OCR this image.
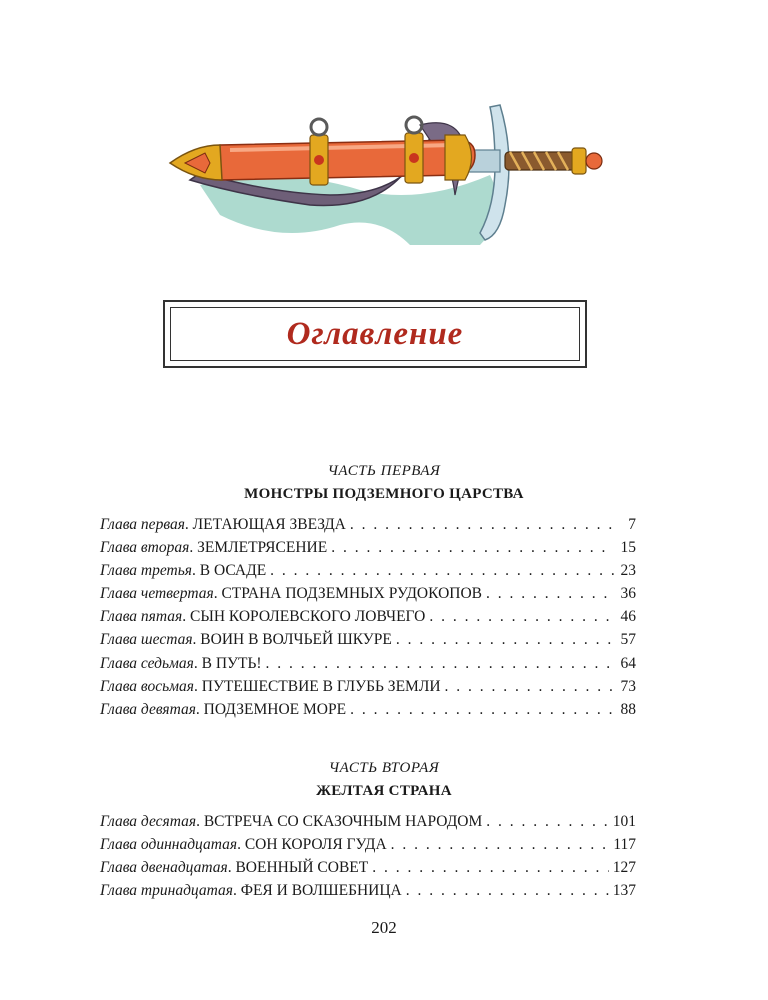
Оглавление
ЧАСТЬ ПЕРВАЯ
МОНСТРЫ ПОДЗЕМНОГО ЦАРСТВА
Глава первая . ЛЕТАЮЩАЯ ЗВЕЗДА . . .	7
Глава вторая . ЗЕМЛЕТРЯСЕНИЕ . . .	15
Глава третья . В ОСАДЕ . . .	23
Глава четвертая . СТРАНА ПОДЗЕМНЫХ РУДОКОПОВ . . .	36
Глава пятая . СЫН КОРОЛЕВСКОГО ЛОВЧЕГО . . .	46
Глава шестая . ВОИН В ВОЛЧЬЕЙ ШКУРЕ . . .	57
Глава седьмая . В ПУТЬ! . . .	64
Глава восьмая . ПУТЕШЕСТВИЕ В ГЛУБЬ ЗЕМЛИ . . .	73
Глава девятая . ПОДЗЕМНОЕ МОРЕ . . .	88
ЧАСТЬ ВТОРАЯ
ЖЕЛТАЯ СТРАНА
Глава десятая . ВСТРЕЧА СО СКАЗОЧНЫМ НАРОДОМ . . .	101
Глава одиннадцатая . СОН КОРОЛЯ ГУДА . . .	117
Глава двенадцатая . ВОЕННЫЙ СОВЕТ . . .	127
Глава тринадцатая . ФЕЯ И ВОЛШЕБНИЦА . . .	137
202
